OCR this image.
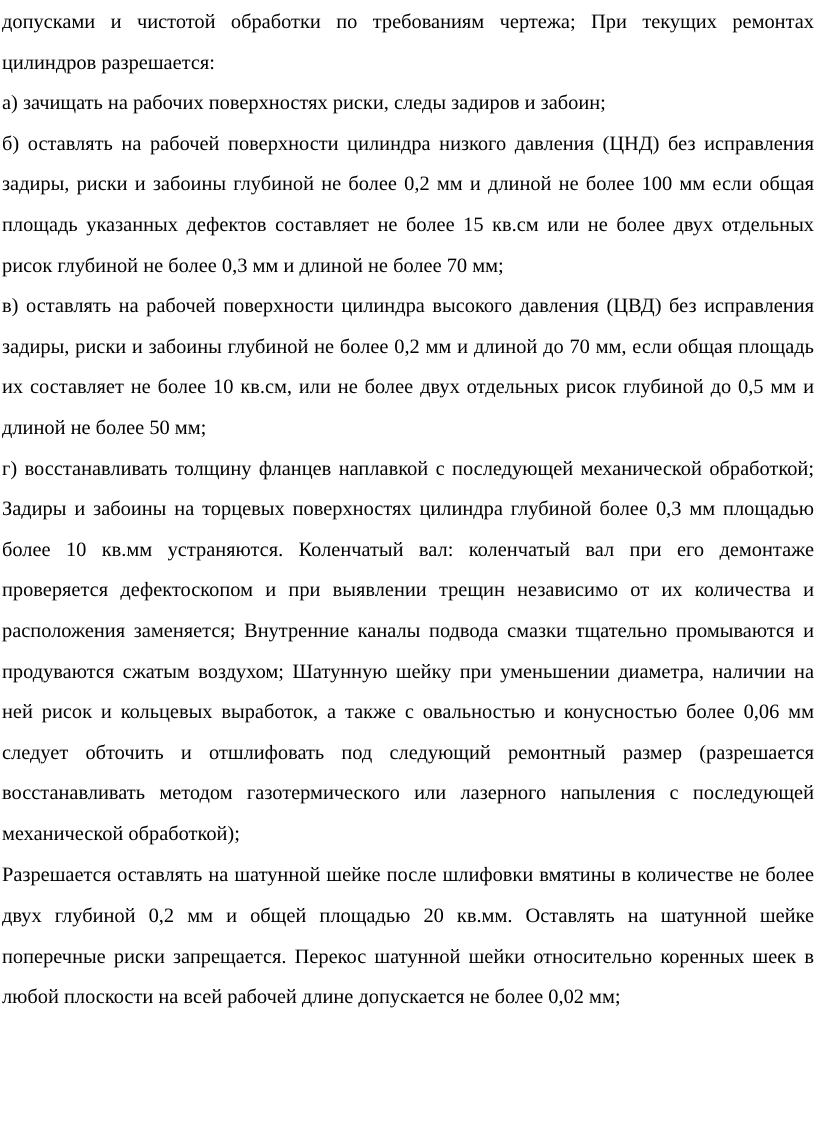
допусками и чистотой обработки по требованиям чертежа; При текущих ремонтах цилиндров разрешается:

а) зачищать на рабочих поверхностях риски, следы задиров и забоин;

б) оставлять на рабочей поверхности цилиндра низкого давления (ЦНД) без исправления задиры, риски и забоины глубиной не более 0,2 мм и длиной не более 100 мм если общая площадь указанных дефектов составляет не более 15 кв.см или не более двух отдельных рисок глубиной не более 0,3 мм и длиной не более 70 мм;

в) оставлять на рабочей поверхности цилиндра высокого давления (ЦВД) без исправления задиры, риски и забоины глубиной не более 0,2 мм и длиной до 70 мм, если общая площадь их составляет не более 10 кв.см, или не более двух отдельных рисок глубиной до 0,5 мм и длиной не более 50 мм;

г) восстанавливать толщину фланцев наплавкой с последующей механической обработкой; Задиры и забоины на торцевых поверхностях цилиндра глубиной более 0,3 мм площадью более 10 кв.мм устраняются. Коленчатый вал: коленчатый вал при его демонтаже проверяется дефектоскопом и при выявлении трещин независимо от их количества и расположения заменяется; Внутренние каналы подвода смазки тщательно промываются и продуваются сжатым воздухом; Шатунную шейку при уменьшении диаметра, наличии на ней рисок и кольцевых выработок, а также с овальностью и конусностью более 0,06 мм следует обточить и отшлифовать под следующий ремонтный размер (разрешается восстанавливать методом газотермического или лазерного напыления с последующей механической обработкой);

Разрешается оставлять на шатунной шейке после шлифовки вмятины в количестве не более двух глубиной 0,2 мм и общей площадью 20 кв.мм. Оставлять на шатунной шейке поперечные риски запрещается. Перекос шатунной шейки относительно коренных шеек в любой плоскости на всей рабочей длине допускается не более 0,02 мм;
